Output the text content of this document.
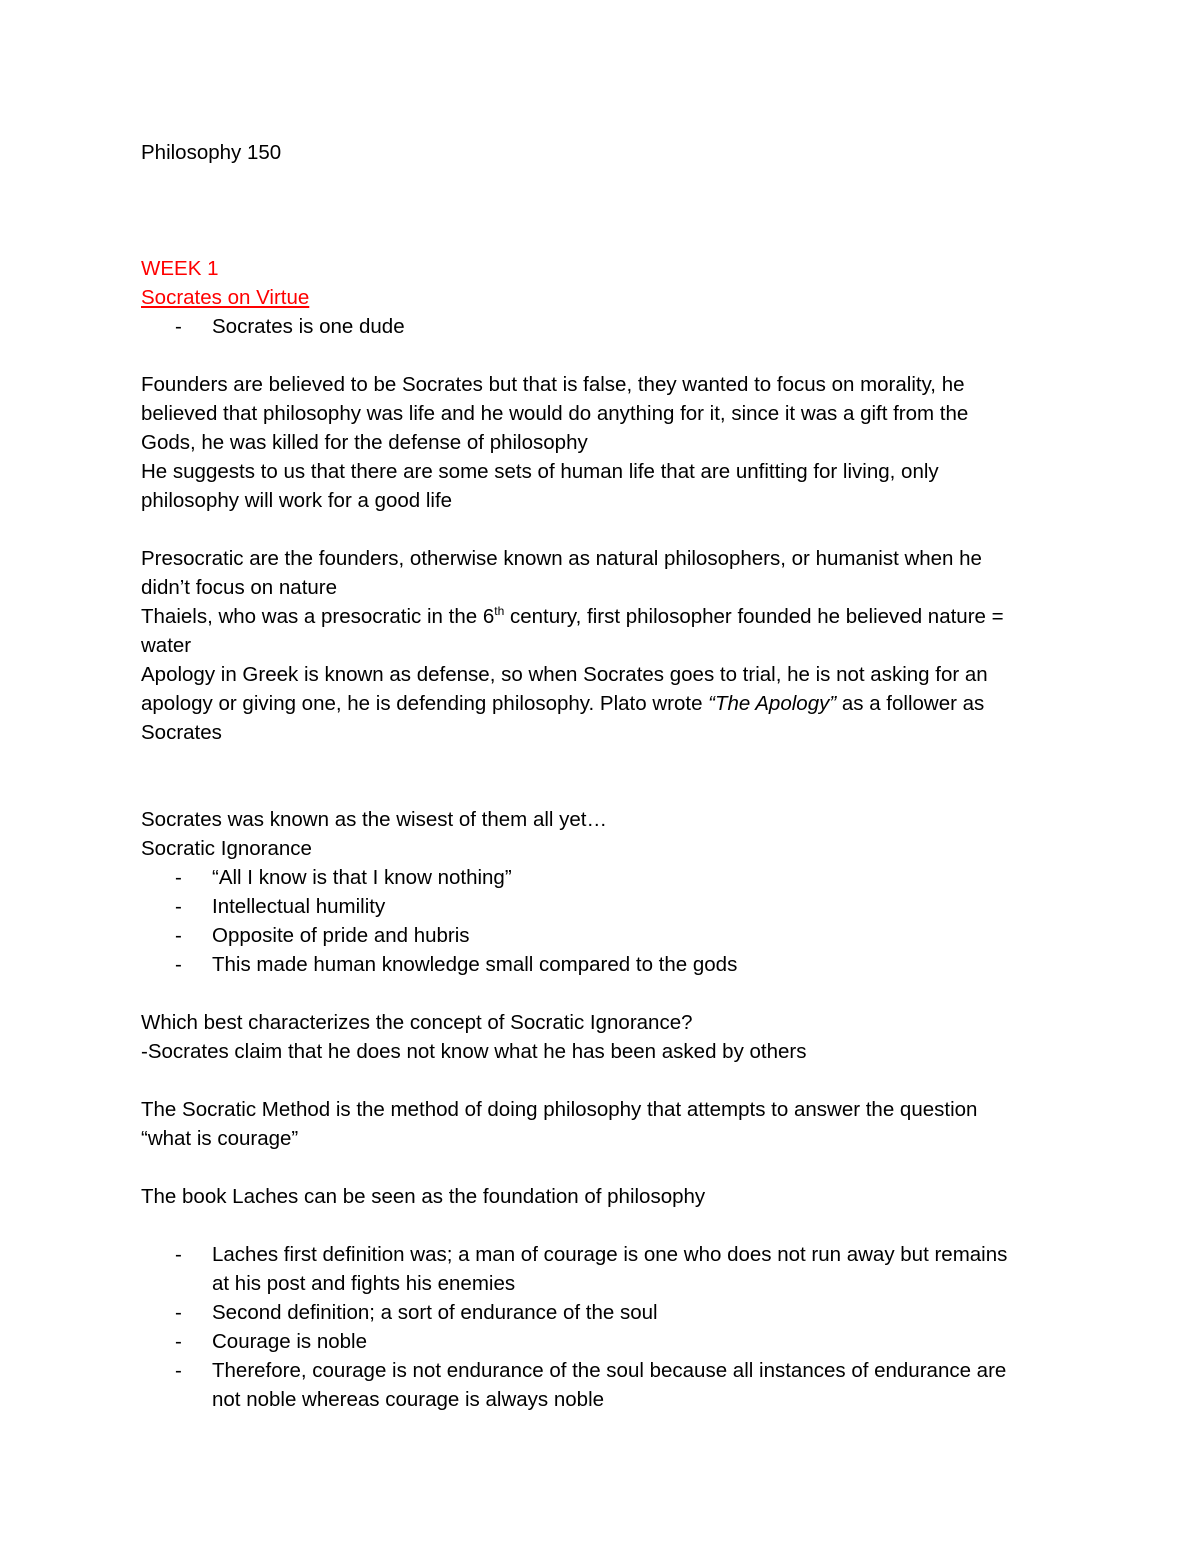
Philosophy 150

WEEK 1

Socrates on Virtue

- Socrates is one dude

Founders are believed to be Socrates but that is false, they wanted to focus on morality, he

believed that philosophy was life and he would do anything for it, since it was a gift from the

Gods, he was killed for the defense of philosophy

He suggests to us that there are some sets of human life that are unfitting for living, only

philosophy will work for a good life

Presocratic are the founders, otherwise known as natural philosophers, or humanist when he

didn’t focus on nature

Thaiels, who was a presocratic in the 6th century, first philosopher founded he believed nature =

water

Apology in Greek is known as defense, so when Socrates goes to trial, he is not asking for an

apology or giving one, he is defending philosophy. Plato wrote “The Apology” as a follower as

Socrates

Socrates was known as the wisest of them all yet…

Socratic Ignorance

- “All I know is that I know nothing”
- Intellectual humility
- Opposite of pride and hubris
- This made human knowledge small compared to the gods

Which best characterizes the concept of Socratic Ignorance?

-Socrates claim that he does not know what he has been asked by others

The Socratic Method is the method of doing philosophy that attempts to answer the question

“what is courage”

The book Laches can be seen as the foundation of philosophy

- Laches first definition was; a man of courage is one who does not run away but remains
at his post and fights his enemies
- Second definition; a sort of endurance of the soul
- Courage is noble
- Therefore, courage is not endurance of the soul because all instances of endurance are
not noble whereas courage is always noble
